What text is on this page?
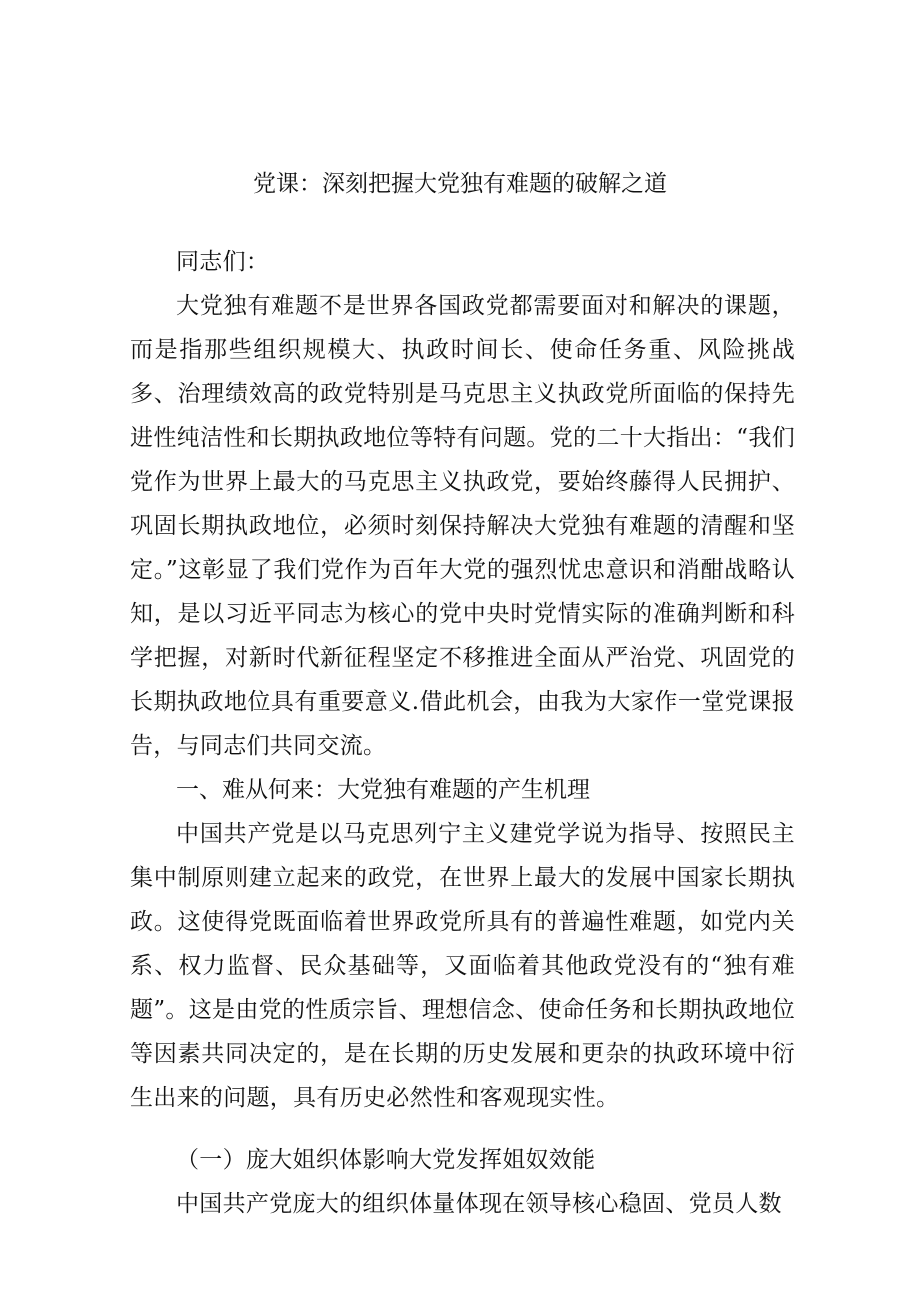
党课：深刻把握大党独有难题的破解之道

同志们：

大党独有难题不是世界各国政党都需要面对和解决的课题，而是指那些组织规模大、执政时间长、使命任务重、风险挑战多、治理绩效高的政党特别是马克思主义执政党所面临的保持先进性纯洁性和长期执政地位等特有问题。党的二十大指出：“我们党作为世界上最大的马克思主义执政党，要始终藤得人民拥护、巩固长期执政地位，必须时刻保持解决大党独有难题的清醒和坚定。”这彰显了我们党作为百年大党的强烈忧忠意识和消酣战略认知，是以习近平同志为核心的党中央时党情实际的准确判断和科学把握，对新时代新征程坚定不移推进全面从严治党、巩固党的长期执政地位具有重要意义.借此机会，由我为大家作一堂党课报告，与同志们共同交流。

一、难从何来：大党独有难题的产生机理

中国共产党是以马克思列宁主义建党学说为指导、按照民主集中制原则建立起来的政党，在世界上最大的发展中国家长期执政。这使得党既面临着世界政党所具有的普遍性难题，如党内关系、权力监督、民众基础等，又面临着其他政党没有的“独有难题”。这是由党的性质宗旨、理想信念、使命任务和长期执政地位等因素共同决定的，是在长期的历史发展和更杂的执政环境中衍生出来的问题，具有历史必然性和客观现实性。

（一）庞大姐织体影响大党发挥姐奴效能

中国共产党庞大的组织体量体现在领导核心稳固、党员人数
